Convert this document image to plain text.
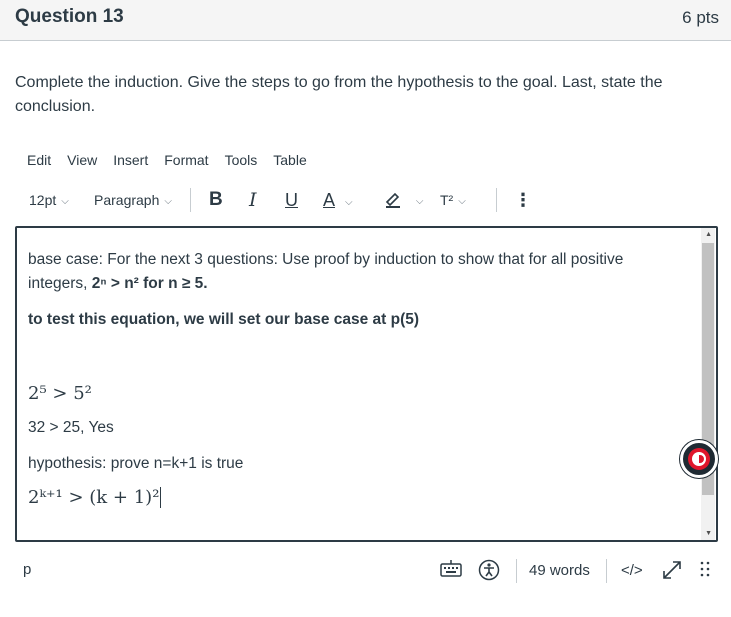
Question 13	6 pts
Complete the induction. Give the steps to go from the hypothesis to the goal. Last, state the conclusion.
Edit View Insert Format Tools Table
12pt ⌵ Paragraph ⌵ B I U A ⌵	⌵ T² ⌵	⋮

base case: For the next 3 questions: Use proof by induction to show that for all positive integers, 2ⁿ > n² for n ≥ 5.

to test this equation, we will set our base case at p(5)

2⁵ > 5²

32 > 25, Yes

hypothesis: prove n=k+1 is true

2ᵏ⁺¹ > (k + 1)²

▲
▼
p	49 words </>
